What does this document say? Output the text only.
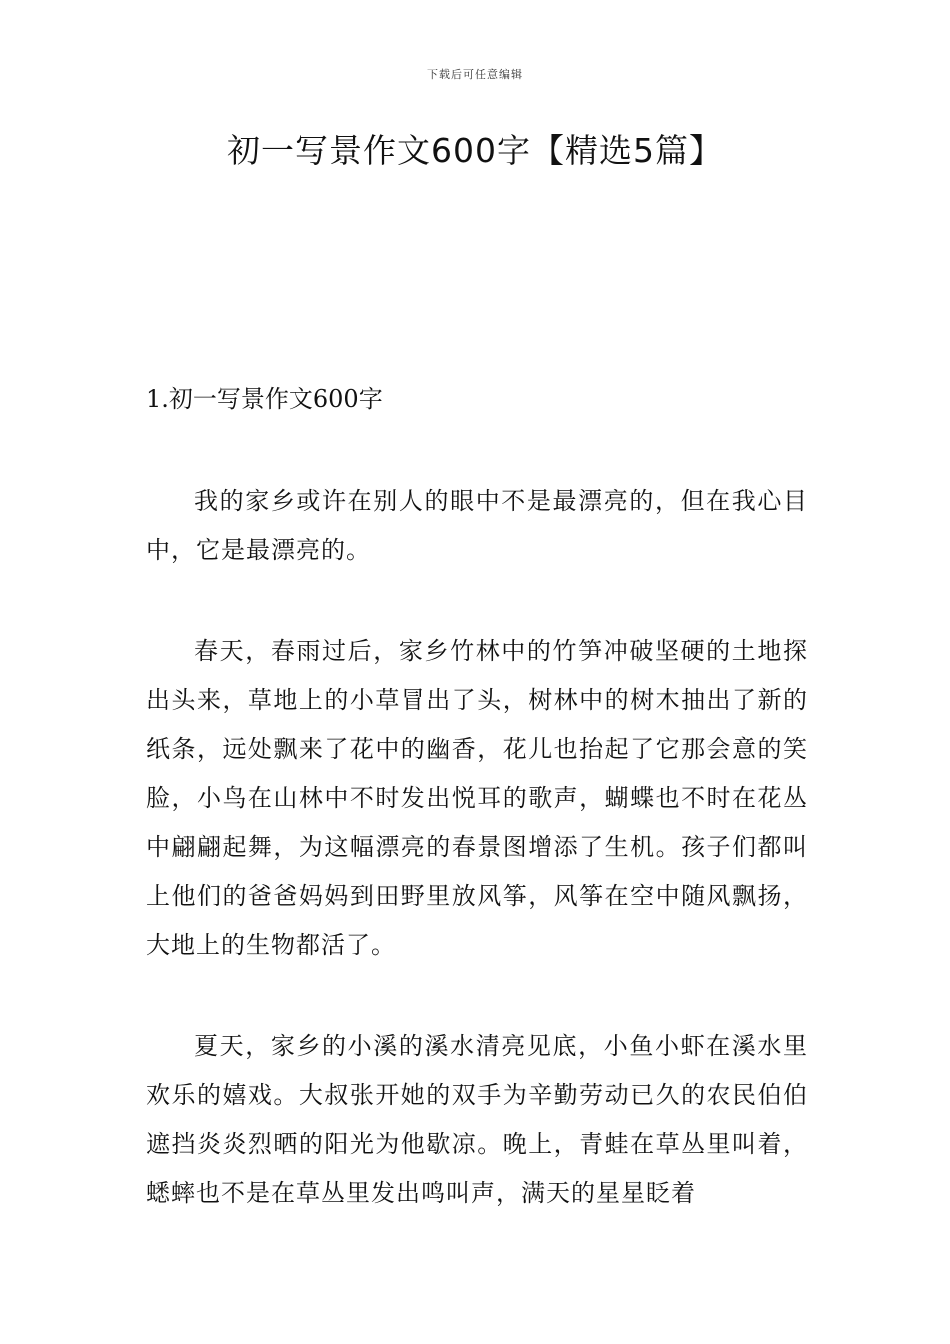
下载后可任意编辑
初一写景作文600字【精选5篇】
1.初一写景作文600字

我的家乡或许在别人的眼中不是最漂亮的，但在我心目中，它是最漂亮的。

春天，春雨过后，家乡竹林中的竹笋冲破坚硬的土地探出头来，草地上的小草冒出了头，树林中的树木抽出了新的纸条，远处飘来了花中的幽香，花儿也抬起了它那会意的笑脸，小鸟在山林中不时发出悦耳的歌声，蝴蝶也不时在花丛中翩翩起舞，为这幅漂亮的春景图增添了生机。孩子们都叫上他们的爸爸妈妈到田野里放风筝，风筝在空中随风飘扬，大地上的生物都活了。

夏天，家乡的小溪的溪水清亮见底，小鱼小虾在溪水里欢乐的嬉戏。大叔张开她的双手为辛勤劳动已久的农民伯伯遮挡炎炎烈晒的阳光为他歇凉。晚上，青蛙在草丛里叫着，蟋蟀也不是在草丛里发出鸣叫声，满天的星星眨着
